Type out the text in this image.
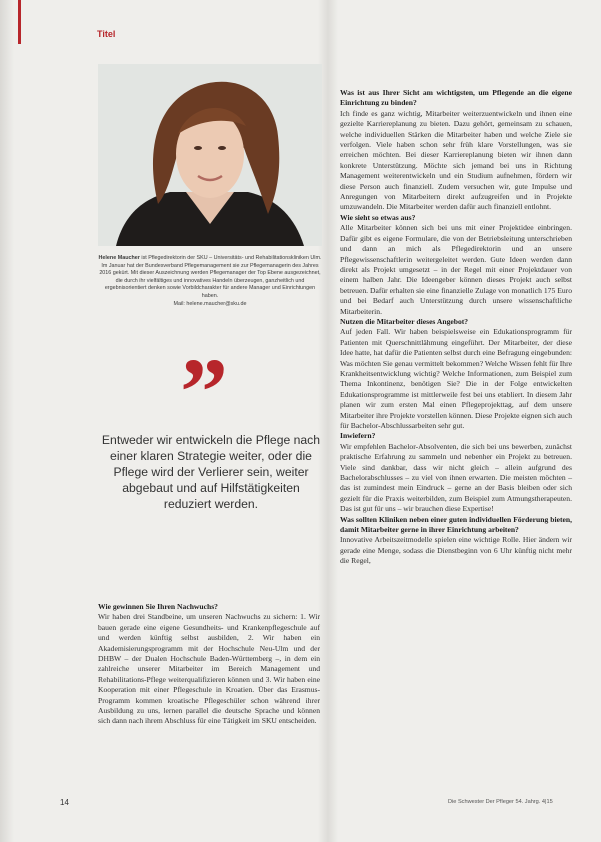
Titel
Helene Maucher ist Pflegedirektorin der SKU – Universitäts- und Rehabilitationskliniken Ulm. Im Januar hat der Bundesverband Pflegemanagement sie zur Pflegemanagerin des Jahres 2016 gekürt. Mit dieser Auszeichnung werden Pflegemanager der Top Ebene ausgezeichnet, die durch ihr vielfältiges und innovatives Handeln überzeugen, ganzheitlich und ergebnisorientiert denken sowie Vorbildcharakter für andere Manager und Einrichtungen haben.
Mail: helene.maucher@sku.de
”
Entweder wir entwickeln die Pflege nach einer klaren Strategie weiter, oder die Pflege wird der Verlierer sein, weiter abgebaut und auf Hilfstätigkeiten reduziert werden.

Wie gewinnen Sie Ihren Nachwuchs?

Wir haben drei Standbeine, um unseren Nachwuchs zu sichern: 1. Wir bauen gerade eine eigene Gesundheits- und Krankenpflegeschule auf und werden künftig selbst ausbilden, 2. Wir haben ein Akademisierungsprogramm mit der Hochschule Neu-Ulm und der DHBW – der Dualen Hochschule Baden-Württemberg –, in dem ein zahlreiche unserer Mitarbeiter im Bereich Management und Rehabilitations-Pflege weiterqualifizieren können und 3. Wir haben eine Kooperation mit einer Pflegeschule in Kroatien. Über das Erasmus-Programm kommen kroatische Pflegeschüler schon während ihrer Ausbildung zu uns, lernen parallel die deutsche Sprache und können sich dann nach ihrem Abschluss für eine Tätigkeit im SKU entscheiden.

Was ist aus Ihrer Sicht am wichtigsten, um Pflegende an die eigene Einrichtung zu binden?

Ich finde es ganz wichtig, Mitarbeiter weiterzuentwickeln und ihnen eine gezielte Karriereplanung zu bieten. Dazu gehört, gemeinsam zu schauen, welche individuellen Stärken die Mitarbeiter haben und welche Ziele sie verfolgen. Viele haben schon sehr früh klare Vorstellungen, was sie erreichen möchten. Bei dieser Karriereplanung bieten wir ihnen dann konkrete Unterstützung. Möchte sich jemand bei uns in Richtung Management weiterentwickeln und ein Studium aufnehmen, fördern wir diese Person auch finanziell. Zudem versuchen wir, gute Impulse und Anregungen von Mitarbeitern direkt aufzugreifen und in Projekte umzuwandeln. Die Mitarbeiter werden dafür auch finanziell entlohnt.

Wie sieht so etwas aus?

Alle Mitarbeiter können sich bei uns mit einer Projektidee einbringen. Dafür gibt es eigene Formulare, die von der Betriebsleitung unterschrieben und dann an mich als Pflegedirektorin und an unsere Pflegewissenschaftlerin weitergeleitet werden. Gute Ideen werden dann direkt als Projekt umgesetzt – in der Regel mit einer Projektdauer von einem halben Jahr. Die Ideengeber können dieses Projekt auch selbst betreuen. Dafür erhalten sie eine finanzielle Zulage von monatlich 175 Euro und bei Bedarf auch Unterstützung durch unsere wissenschaftliche Mitarbeiterin.

Nutzen die Mitarbeiter dieses Angebot?

Auf jeden Fall. Wir haben beispielsweise ein Edukationsprogramm für Patienten mit Querschnittlähmung eingeführt. Der Mitarbeiter, der diese Idee hatte, hat dafür die Patienten selbst durch eine Befragung eingebunden: Was möchten Sie genau vermittelt bekommen? Welche Wissen fehlt für Ihre Krankheitsentwicklung wichtig? Welche Informationen, zum Beispiel zum Thema Inkontinenz, benötigen Sie? Die in der Folge entwickelten Edukationsprogramme ist mittlerweile fest bei uns etabliert. In diesem Jahr planen wir zum ersten Mal einen Pflegeprojekttag, auf dem unsere Mitarbeiter ihre Projekte vorstellen können. Diese Projekte eignen sich auch für Bachelor-Abschlussarbeiten sehr gut.

Inwiefern?

Wir empfehlen Bachelor-Absolventen, die sich bei uns bewerben, zunächst praktische Erfahrung zu sammeln und nebenher ein Projekt zu betreuen. Viele sind dankbar, dass wir nicht gleich – allein aufgrund des Bachelorabschlusses – zu viel von ihnen erwarten. Die meisten möchten – das ist zumindest mein Eindruck – gerne an der Basis bleiben oder sich gezielt für die Praxis weiterbilden, zum Beispiel zum Atmungstherapeuten. Das ist gut für uns – wir brauchen diese Expertise!

Was sollten Kliniken neben einer guten individuellen Förderung bieten, damit Mitarbeiter gerne in ihrer Einrichtung arbeiten?

Innovative Arbeitszeitmodelle spielen eine wichtige Rolle. Hier ändern wir gerade eine Menge, sodass die Dienstbeginn von 6 Uhr künftig nicht mehr die Regel,

14	Die Schwester Der Pfleger 54. Jahrg. 4|15
